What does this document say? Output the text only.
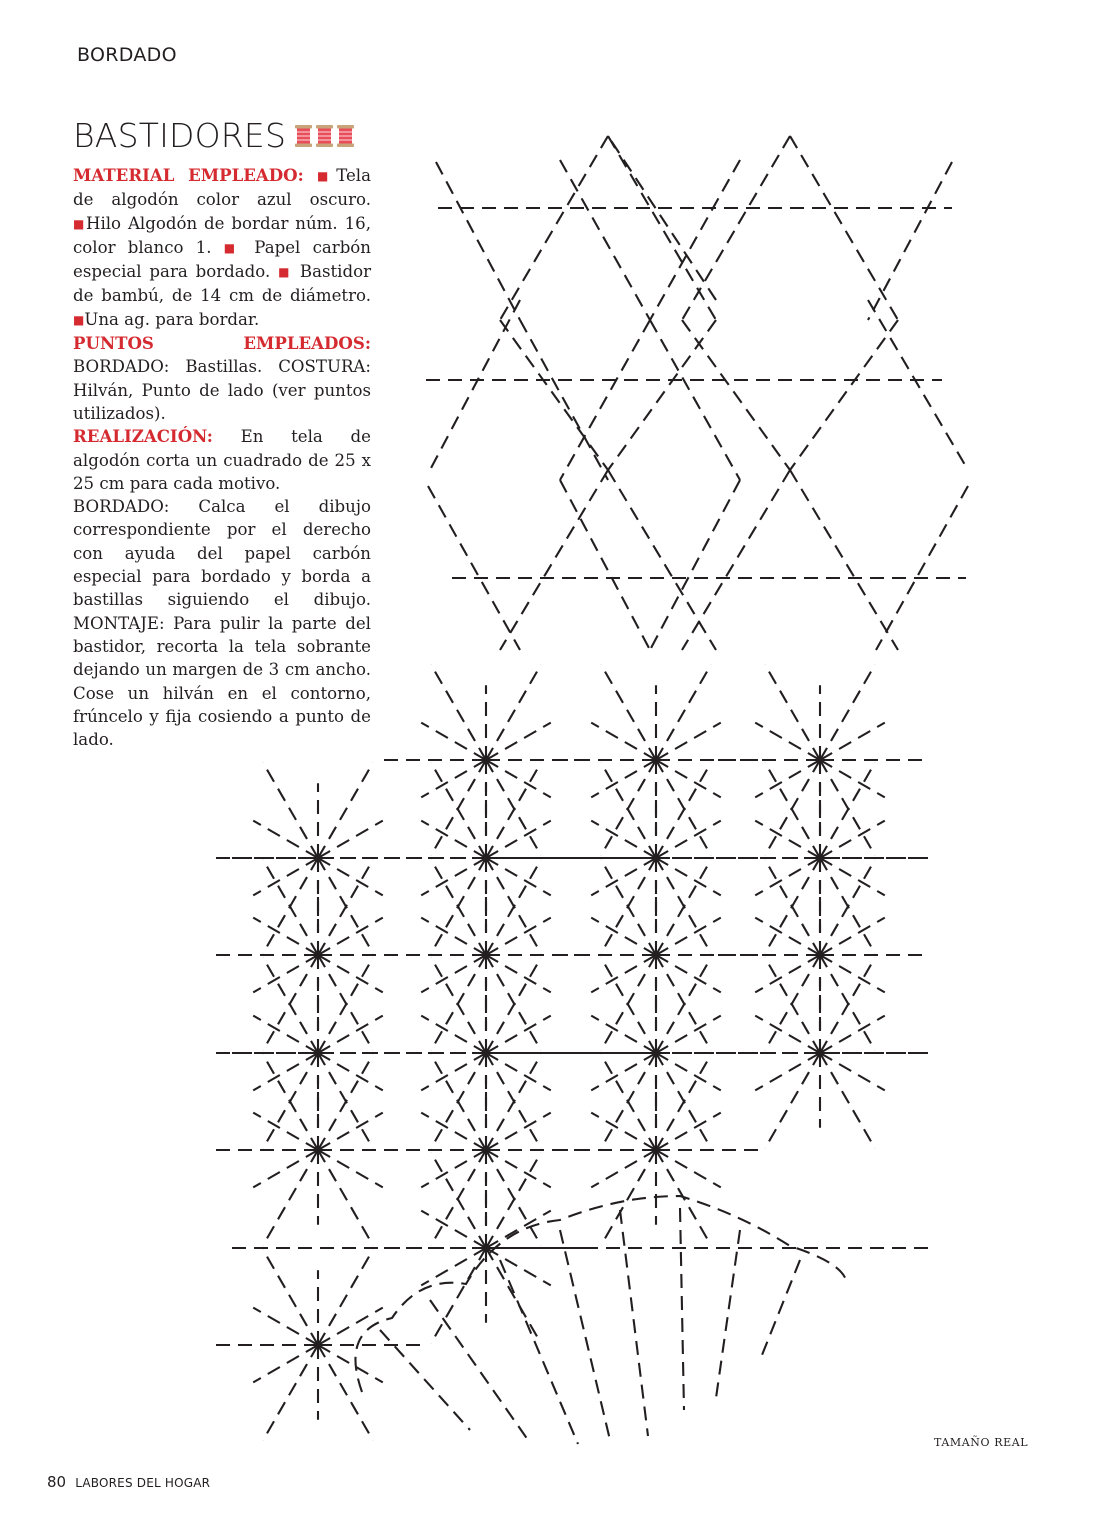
BORDADO
BASTIDORES

MATERIAL EMPLEADO: ■Tela de algodón color azul oscuro. ■Hilo Algodón de bordar núm. 16, color blanco 1. ■ Papel carbón especial para bordado. ■ Bastidor de bambú, de 14 cm de diámetro. ■Una ag. para bordar.

PUNTOS EMPLEADOS: BORDADO: Bastillas. COSTURA: Hilván, Punto de lado (ver puntos utilizados).

REALIZACIÓN: En tela de algodón corta un cuadrado de 25 x 25 cm para cada motivo.

BORDADO: Calca el dibujo correspondiente por el derecho con ayuda del papel carbón especial para bordado y borda a bastillas siguiendo el dibujo. MONTAJE: Para pulir la parte del bastidor, recorta la tela sobrante dejando un margen de 3 cm ancho. Cose un hilván en el contorno, frúncelo y fija cosiendo a punto de lado.

TAMAÑO REAL
80 LABORES DEL HOGAR
